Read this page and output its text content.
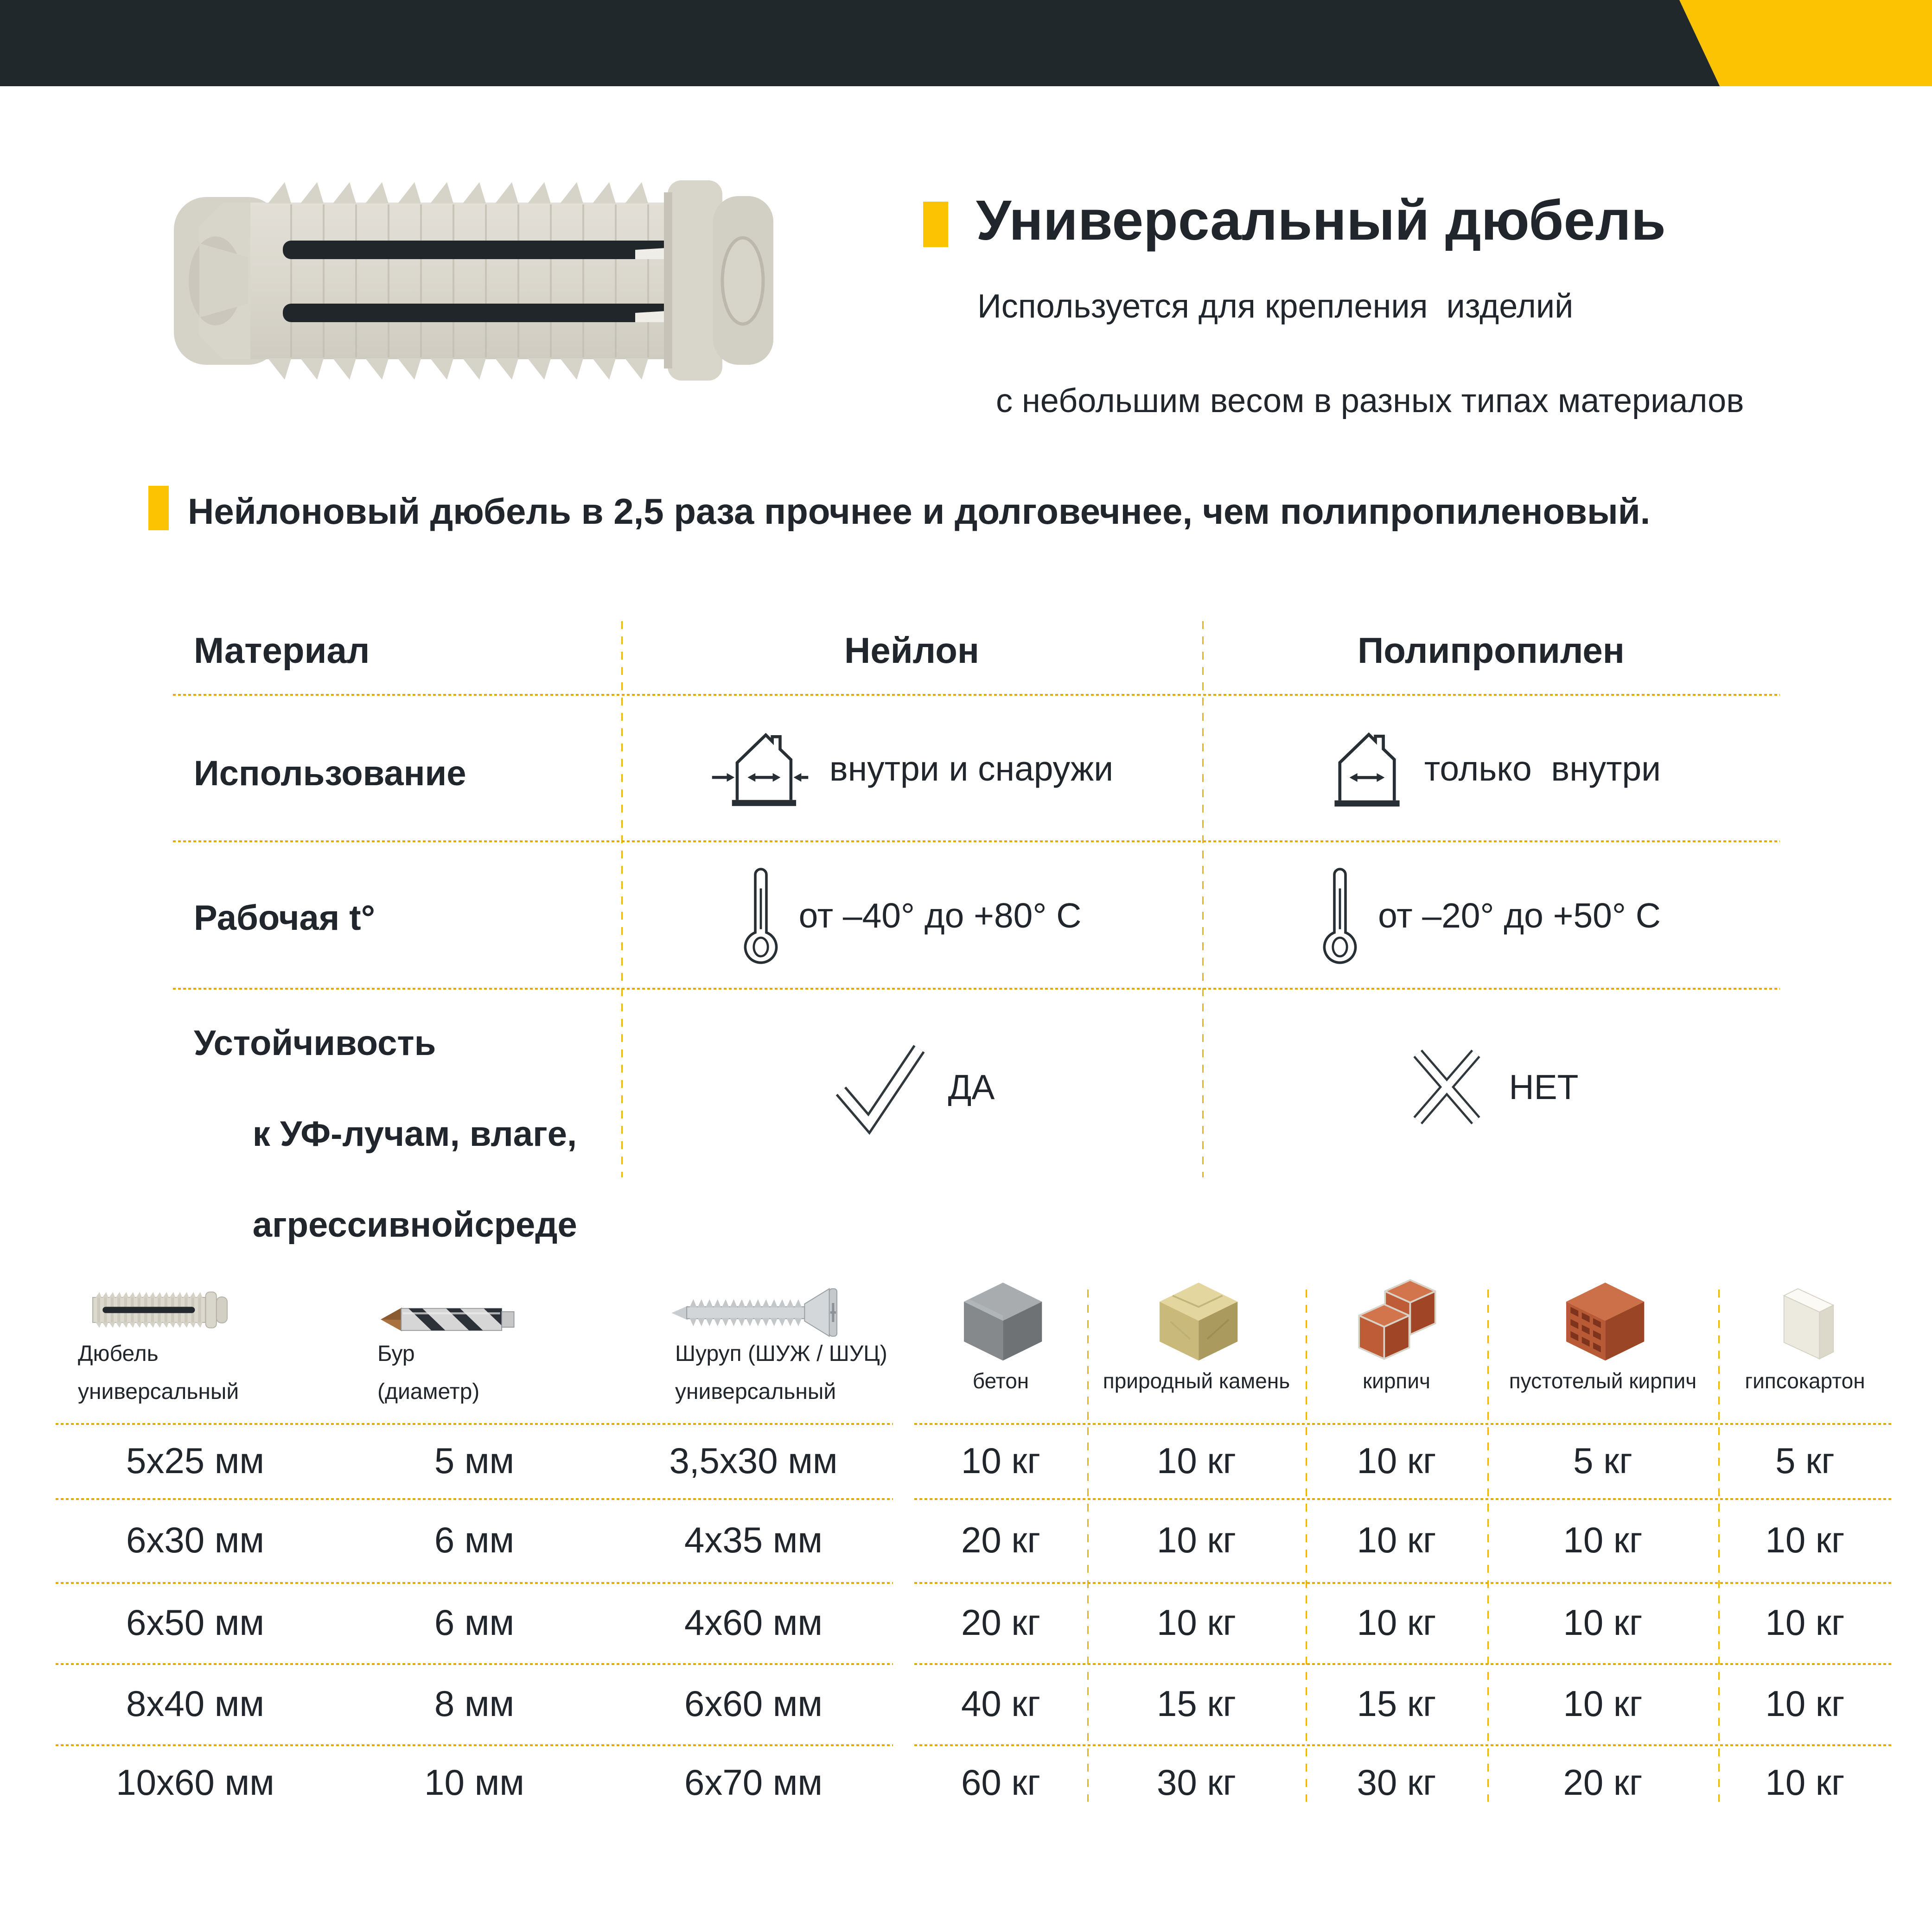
Универсальный дюбель

Используется для крепления  изделий

с небольшим весом в разных типах материалов

Нейлоновый дюбель в 2,5 раза прочнее и долговечнее, чем полипропиленовый.

Материал	Нейлон	Полипропилен
Использование	внутри и снаружи	только  внутри
Рабочая t°	от –40° до +80° C	от –20° до +50° C
Устойчивость

к УФ-лучам, влаге,

агрессивнойсреде
ДА	НЕТ
Дюбель
универсальный
Бур
(диаметр)
Шуруп (ШУЖ / ШУЦ)
универсальный
5x25 мм	5 мм	3,5x30 мм
6x30 мм	6 мм	4x35 мм
6x50 мм	6 мм	4x60 мм
8x40 мм	8 мм	6x60 мм
10x60 мм	10 мм	6x70 мм
бетон	природный камень	кирпич	пустотелый кирпич	гипсокартон
10 кг	10 кг	10 кг	5 кг	5 кг
20 кг	10 кг	10 кг	10 кг	10 кг
20 кг	10 кг	10 кг	10 кг	10 кг
40 кг	15 кг	15 кг	10 кг	10 кг
60 кг	30 кг	30 кг	20 кг	10 кг
